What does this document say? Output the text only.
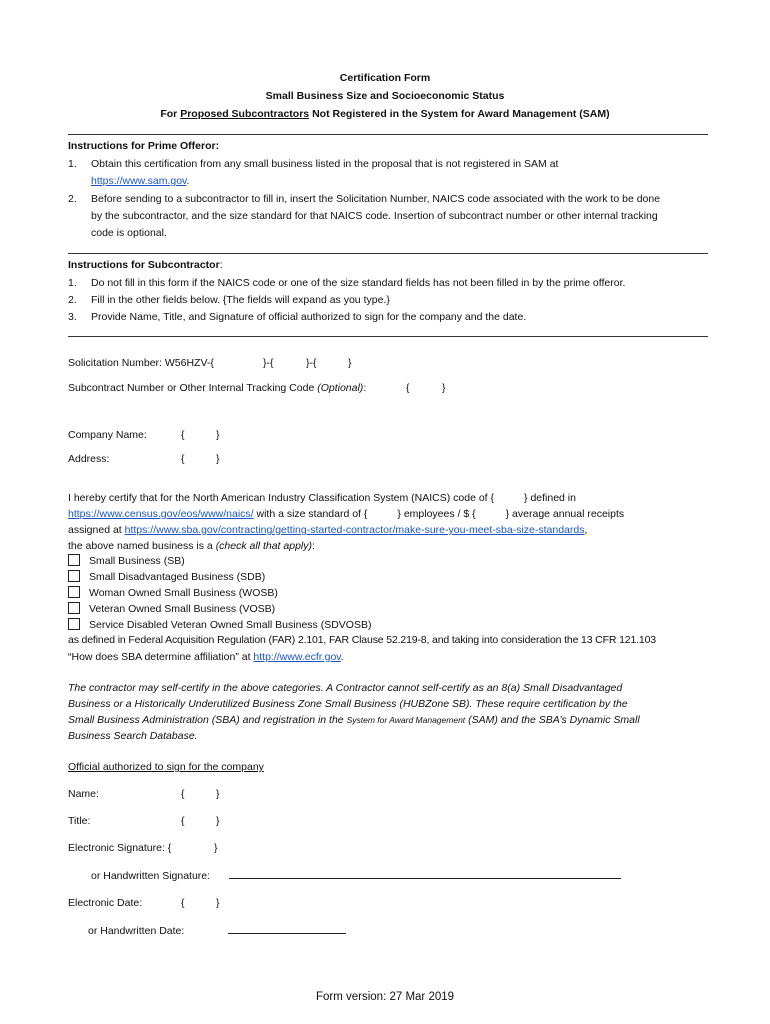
Certification Form
Small Business Size and Socioeconomic Status
For Proposed Subcontractors Not Registered in the System for Award Management (SAM)
Instructions for Prime Offeror:
1. Obtain this certification from any small business listed in the proposal that is not registered in SAM at
https://www.sam.gov.
2. Before sending to a subcontractor to fill in, insert the Solicitation Number, NAICS code associated with the work to be done
by the subcontractor, and the size standard for that NAICS code. Insertion of subcontract number or other internal tracking
code is optional.
Instructions for Subcontractor:
1. Do not fill in this form if the NAICS code or one of the size standard fields has not been filled in by the prime offeror.
2. Fill in the other fields below. {The fields will expand as you type.}
3. Provide Name, Title, and Signature of official authorized to sign for the company and the date.
Solicitation Number: W56HZV-{	}-{	}-{	}
Subcontract Number or Other Internal Tracking Code (Optional):	{	}
Company Name:	{	}
Address:	{	}
I hereby certify that for the North American Industry Classification System (NAICS) code of {	} defined in
https://www.census.gov/eos/www/naics/ with a size standard of {	} employees / $ {	} average annual receipts
assigned at https://www.sba.gov/contracting/getting-started-contractor/make-sure-you-meet-sba-size-standards,
the above named business is a (check all that apply):
Small Business (SB)
Small Disadvantaged Business (SDB)
Woman Owned Small Business (WOSB)
Veteran Owned Small Business (VOSB)
Service Disabled Veteran Owned Small Business (SDVOSB)
as defined in Federal Acquisition Regulation (FAR) 2.101, FAR Clause 52.219-8, and taking into consideration the 13 CFR 121.103
“How does SBA determine affiliation” at http://www.ecfr.gov.
The contractor may self-certify in the above categories. A Contractor cannot self-certify as an 8(a) Small Disadvantaged
Business or a Historically Underutilized Business Zone Small Business (HUBZone SB). These require certification by the
Small Business Administration (SBA) and registration in the System for Award Management (SAM) and the SBA’s Dynamic Small
Business Search Database.
Official authorized to sign for the company
Name:	{	}
Title:	{	}
Electronic Signature: {	}
or Handwritten Signature:
Electronic Date:	{	}
or Handwritten Date:
Form version: 27 Mar 2019
